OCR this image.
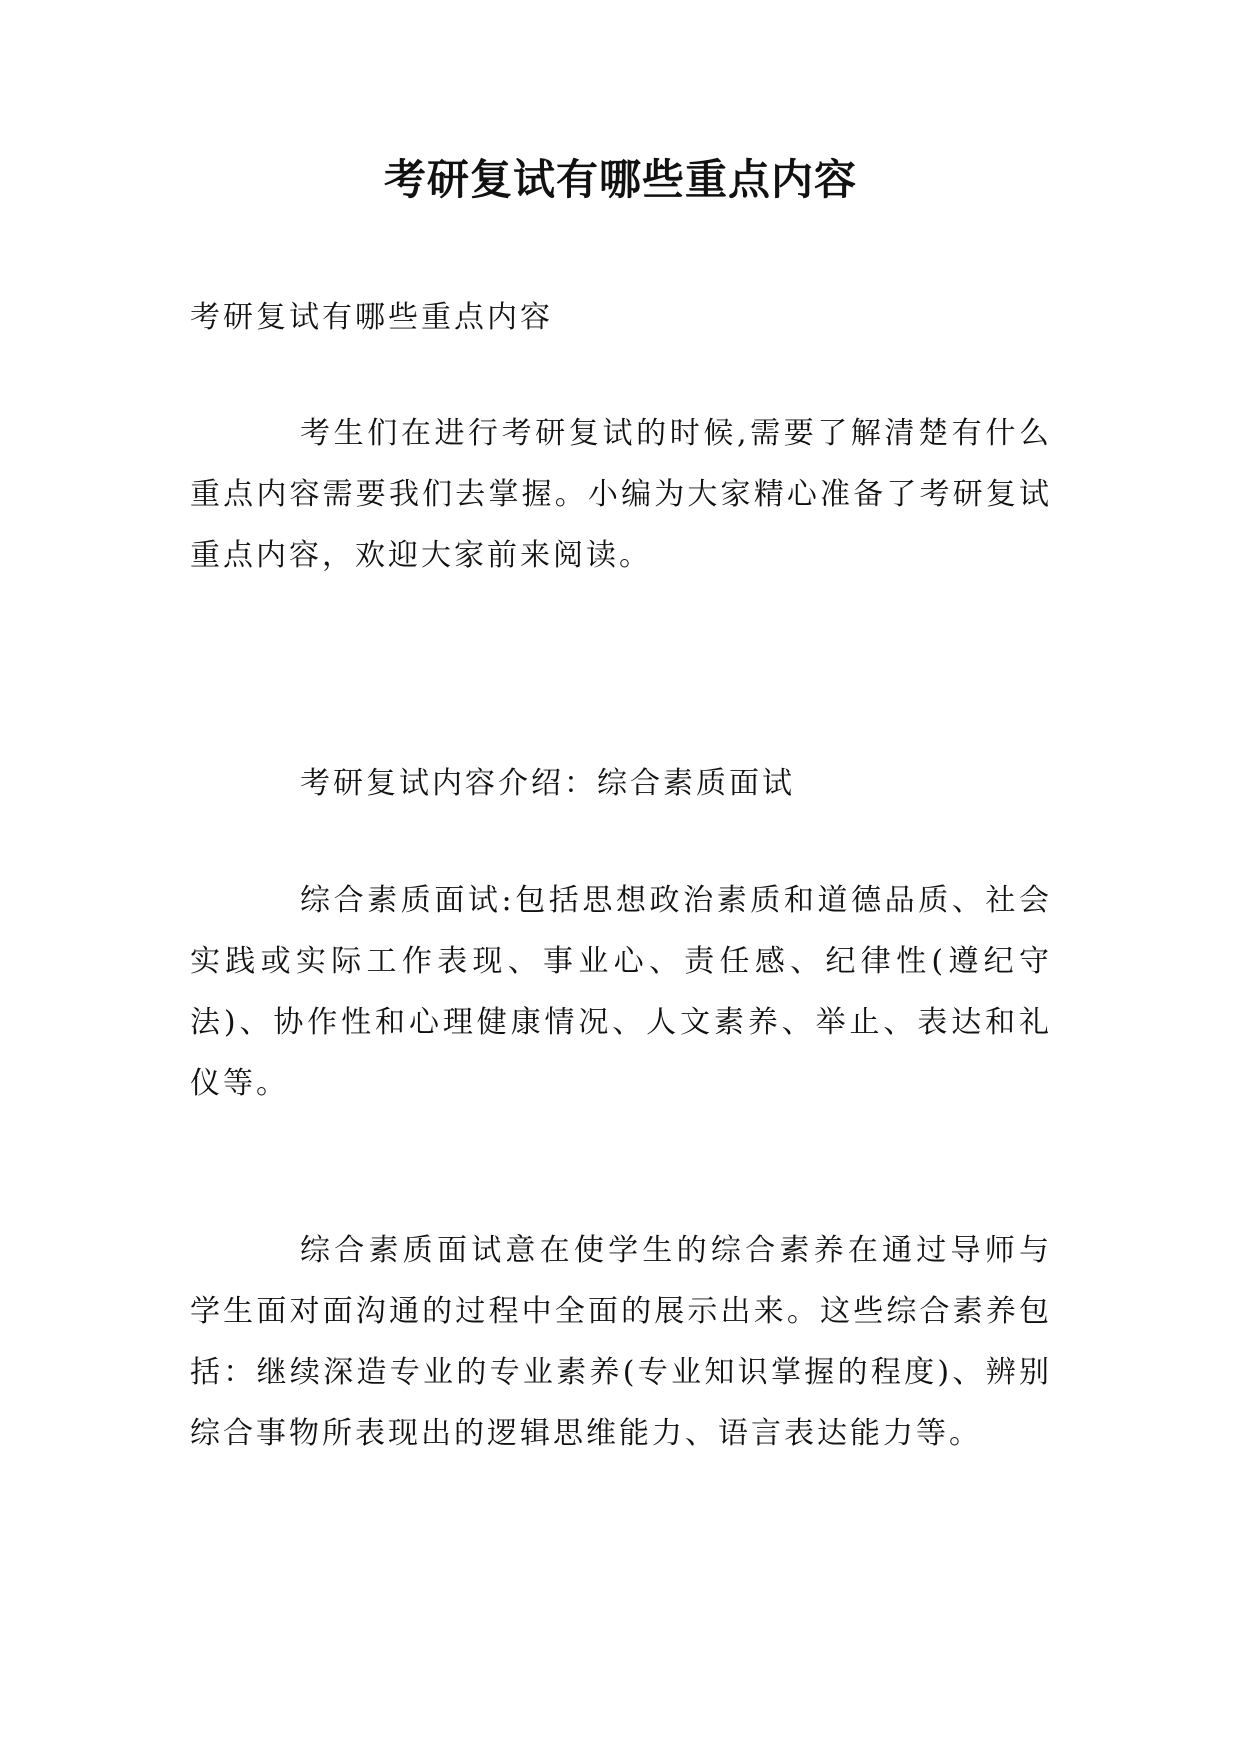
考研复试有哪些重点内容

考研复试有哪些重点内容

考生们在进行考研复试的时候,需要了解清楚有什么重点内容需要我们去掌握。小编为大家精心准备了考研复试重点内容，欢迎大家前来阅读。

考研复试内容介绍：综合素质面试

综合素质面试:包括思想政治素质和道德品质、社会实践或实际工作表现、事业心、责任感、纪律性(遵纪守法)、协作性和心理健康情况、人文素养、举止、表达和礼仪等。

综合素质面试意在使学生的综合素养在通过导师与学生面对面沟通的过程中全面的展示出来。这些综合素养包括：继续深造专业的专业素养(专业知识掌握的程度)、辨别综合事物所表现出的逻辑思维能力、语言表达能力等。
